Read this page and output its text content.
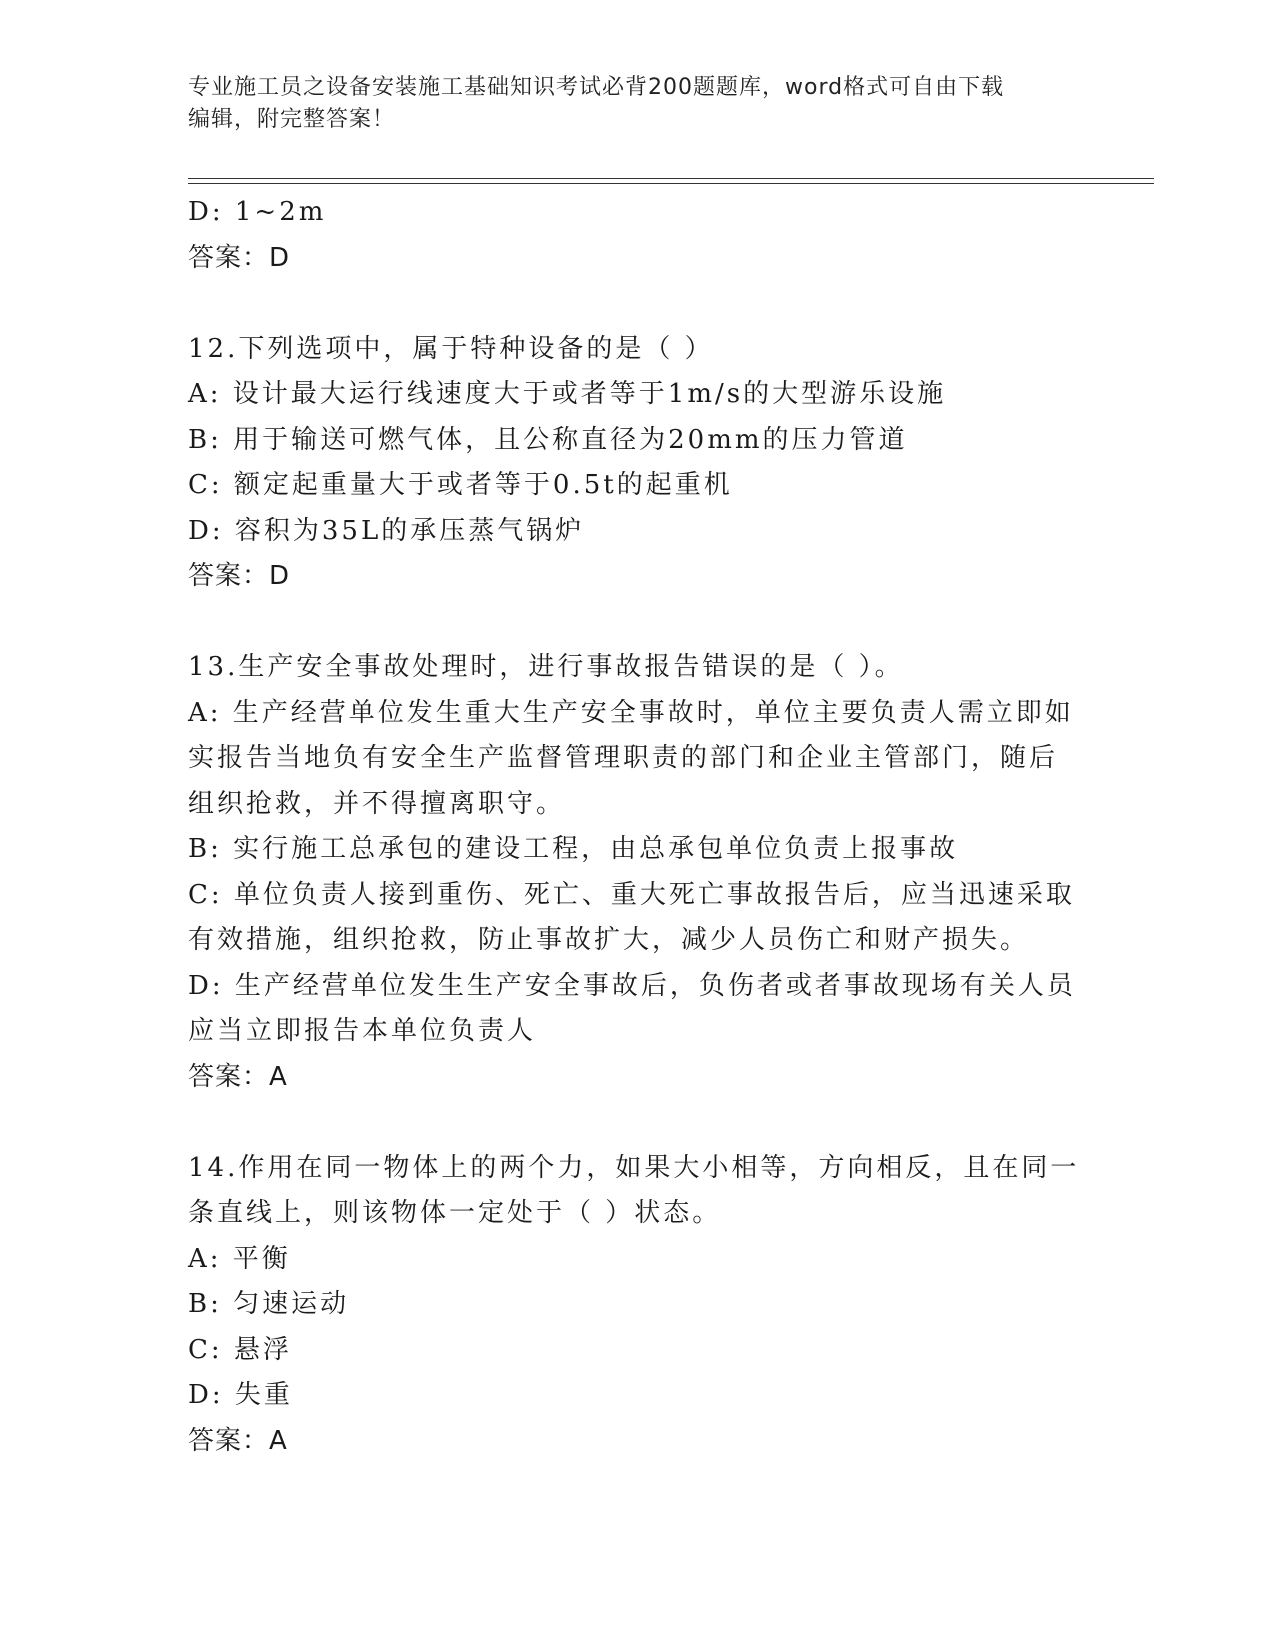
专业施工员之设备安装施工基础知识考试必背200题题库，word格式可自由下载
编辑，附完整答案！
D: 1~2m
答案：D
12.下列选项中，属于特种设备的是（ ）
A: 设计最大运行线速度大于或者等于1m/s的大型游乐设施
B: 用于输送可燃气体，且公称直径为20mm的压力管道
C: 额定起重量大于或者等于0.5t的起重机
D: 容积为35L的承压蒸气锅炉
答案：D
13.生产安全事故处理时，进行事故报告错误的是（ ）。
A: 生产经营单位发生重大生产安全事故时，单位主要负责人需立即如
实报告当地负有安全生产监督管理职责的部门和企业主管部门，随后
组织抢救，并不得擅离职守。
B: 实行施工总承包的建设工程，由总承包单位负责上报事故
C: 单位负责人接到重伤、死亡、重大死亡事故报告后，应当迅速采取
有效措施，组织抢救，防止事故扩大，减少人员伤亡和财产损失。
D: 生产经营单位发生生产安全事故后，负伤者或者事故现场有关人员
应当立即报告本单位负责人
答案：A
14.作用在同一物体上的两个力，如果大小相等，方向相反，且在同一
条直线上，则该物体一定处于（ ）状态。
A: 平衡
B: 匀速运动
C: 悬浮
D: 失重
答案：A
